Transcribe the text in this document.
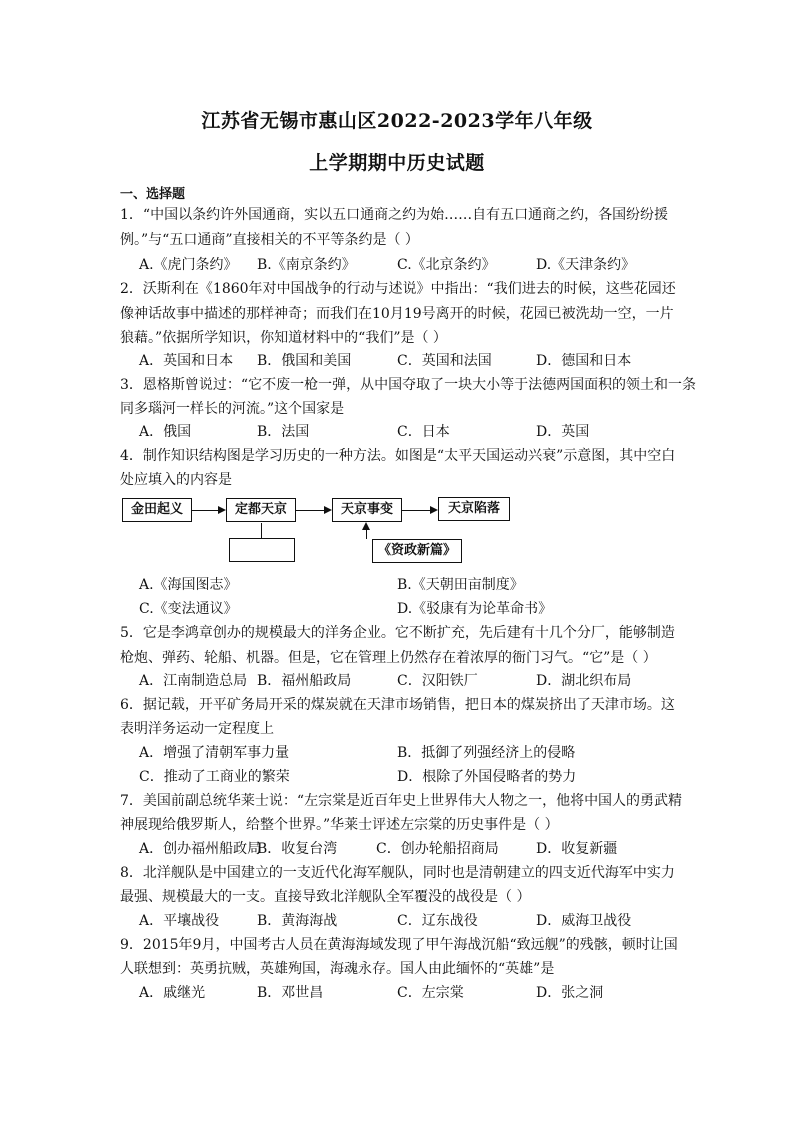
江苏省无锡市惠山区2022-2023学年八年级
上学期期中历史试题
一、选择题
1．“中国以条约许外国通商，实以五口通商之约为始……自有五口通商之约，各国纷纷援
例。”与“五口通商”直接相关的不平等条约是（ ）
A.《虎门条约》 B.《南京条约》	C.《北京条约》	D.《天津条约》
2．沃斯利在《1860年对中国战争的行动与述说》中指出：“我们进去的时候，这些花园还
像神话故事中描述的那样神奇；而我们在10月19号离开的时候，花园已被洗劫一空，一片
狼藉。”依据所学知识，你知道材料中的“我们”是（ ）
A．英国和日本 B．俄国和美国	C．英国和法国	D．德国和日本
3．恩格斯曾说过：“它不废一枪一弹，从中国夺取了一块大小等于法德两国面积的领土和一条
同多瑙河一样长的河流。”这个国家是
A．俄国	B．法国	C．日本	D．英国
4．制作知识结构图是学习历史的一种方法。如图是“太平天国运动兴衰”示意图，其中空白
处应填入的内容是
金田起义	定都天京	天京事变	天京陷落
《资政新篇》
A.《海国图志》	B.《天朝田亩制度》
C.《变法通议》	D.《驳康有为论革命书》
5．它是李鸿章创办的规模最大的洋务企业。它不断扩充，先后建有十几个分厂，能够制造
枪炮、弹药、轮船、机器。但是，它在管理上仍然存在着浓厚的衙门习气。“它”是（ ）
A．江南制造总局 B．福州船政局	C．汉阳铁厂	D．湖北织布局
6．据记载，开平矿务局开采的煤炭就在天津市场销售，把日本的煤炭挤出了天津市场。这
表明洋务运动一定程度上
A．增强了清朝军事力量	B．抵御了列强经济上的侵略
C．推动了工商业的繁荣	D．根除了外国侵略者的势力
7．美国前副总统华莱士说：“左宗棠是近百年史上世界伟大人物之一，他将中国人的勇武精
神展现给俄罗斯人，给整个世界。”华莱士评述左宗棠的历史事件是（ ）
A．创办福州船政局
B．收复台湾	C．创办轮船招商局	D．收复新疆
8．北洋舰队是中国建立的一支近代化海军舰队，同时也是清朝建立的四支近代海军中实力
最强、规模最大的一支。直接导致北洋舰队全军覆没的战役是（ ）
A．平壤战役	B．黄海海战	C．辽东战役	D．威海卫战役
9．2015年9月，中国考古人员在黄海海域发现了甲午海战沉船“致远舰”的残骸，顿时让国
人联想到：英勇抗贼，英雄殉国，海魂永存。国人由此缅怀的“英雄”是
A．戚继光	B．邓世昌	C．左宗棠	D．张之洞
